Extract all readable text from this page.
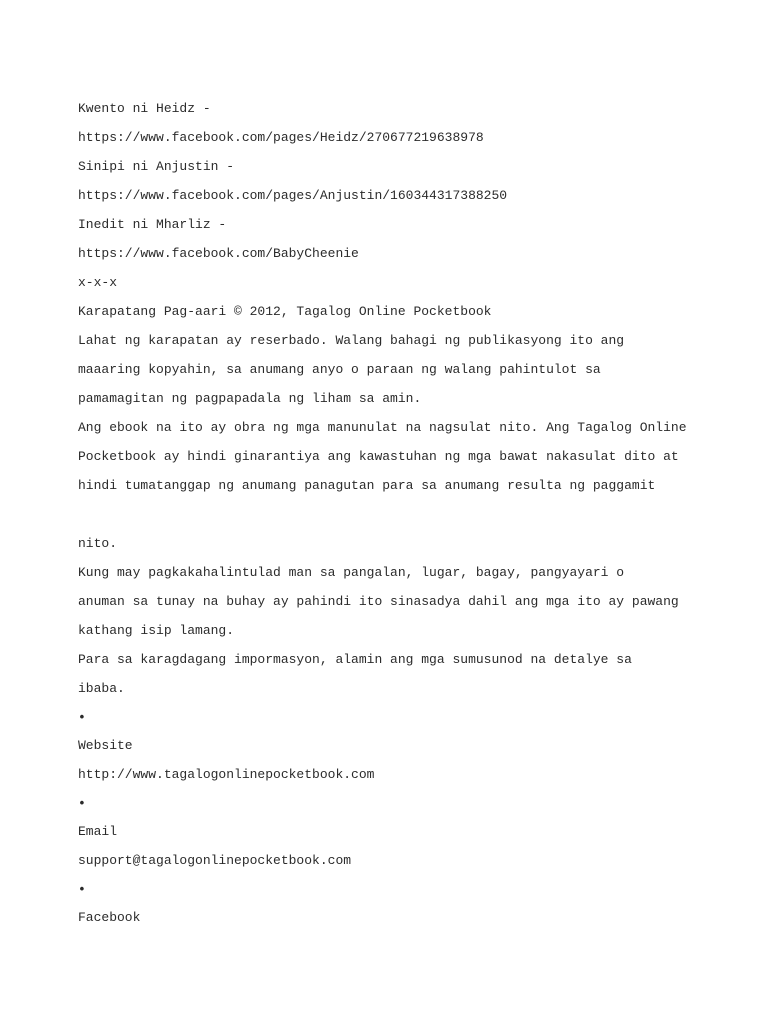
Kwento ni Heidz -

https://www.facebook.com/pages/Heidz/270677219638978

Sinipi ni Anjustin -

https://www.facebook.com/pages/Anjustin/160344317388250

Inedit ni Mharliz -

https://www.facebook.com/BabyCheenie

x-x-x

Karapatang Pag-aari © 2012, Tagalog Online Pocketbook

Lahat ng karapatan ay reserbado. Walang bahagi ng publikasyong ito ang

maaaring kopyahin, sa anumang anyo o paraan ng walang pahintulot sa

pamamagitan ng pagpapadala ng liham sa amin.

Ang ebook na ito ay obra ng mga manunulat na nagsulat nito. Ang Tagalog Online

Pocketbook ay hindi ginarantiya ang kawastuhan ng mga bawat nakasulat dito at

hindi tumatanggap ng anumang panagutan para sa anumang resulta ng paggamit

nito.

Kung may pagkakahalintulad man sa pangalan, lugar, bagay, pangyayari o

anuman sa tunay na buhay ay pahindi ito sinasadya dahil ang mga ito ay pawang

kathang isip lamang.

Para sa karagdagang impormasyon, alamin ang mga sumusunod na detalye sa

ibaba.

•

Website

http://www.tagalogonlinepocketbook.com

•

Email

support@tagalogonlinepocketbook.com

•

Facebook
